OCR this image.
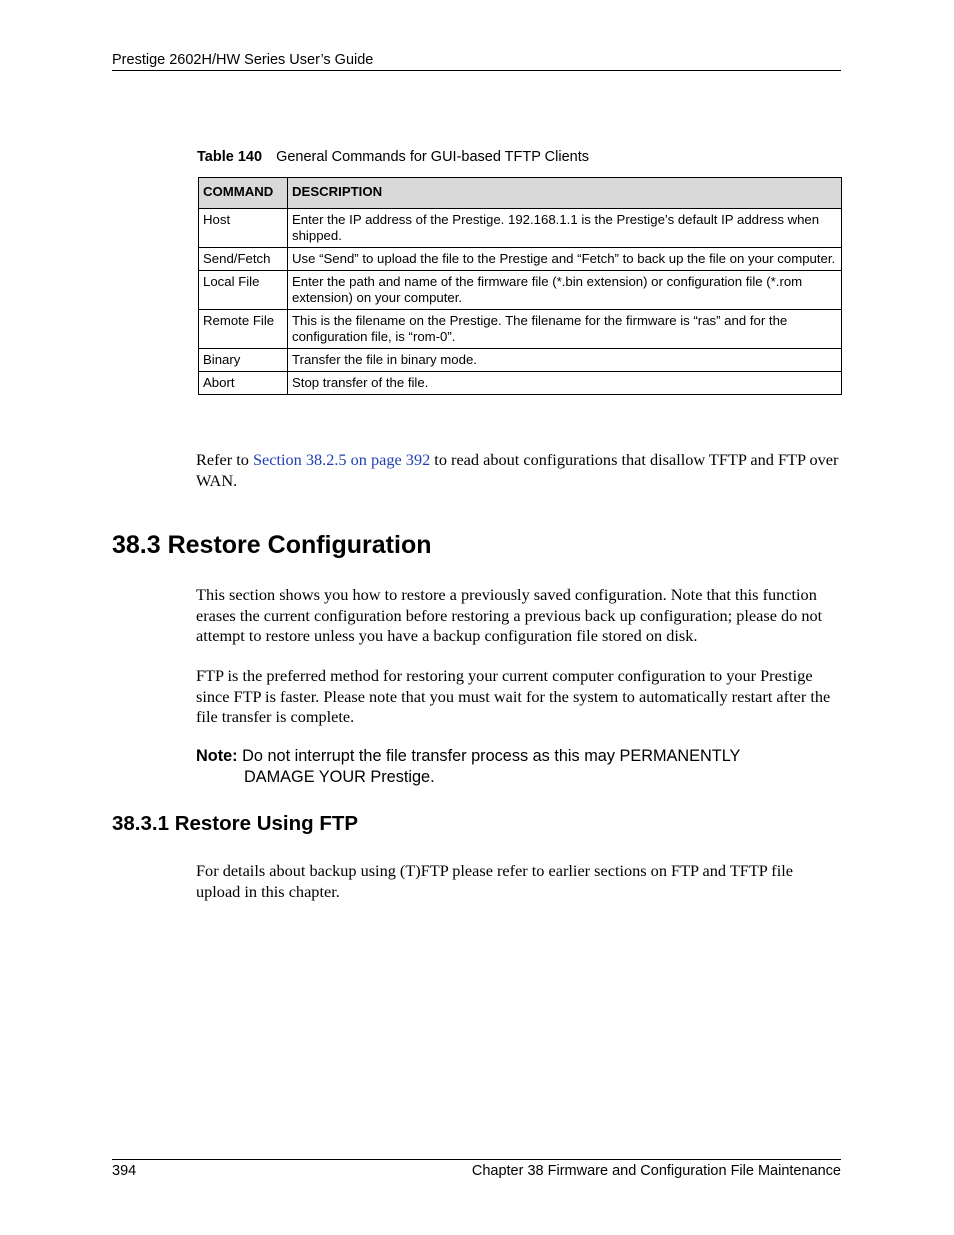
Prestige 2602H/HW Series User’s Guide
Table 140 General Commands for GUI-based TFTP Clients
COMMAND	DESCRIPTION
Host	Enter the IP address of the Prestige. 192.168.1.1 is the Prestige’s default IP address when shipped.
Send/Fetch	Use “Send” to upload the file to the Prestige and “Fetch” to back up the file on your computer.
Local File	Enter the path and name of the firmware file (*.bin extension) or configuration file (*.rom extension) on your computer.
Remote File	This is the filename on the Prestige. The filename for the firmware is “ras” and for the configuration file, is “rom-0”.
Binary	Transfer the file in binary mode.
Abort	Stop transfer of the file.

Refer to Section 38.2.5 on page 392 to read about configurations that disallow TFTP and FTP over WAN.

38.3 Restore Configuration

This section shows you how to restore a previously saved configuration. Note that this function erases the current configuration before restoring a previous back up configuration; please do not attempt to restore unless you have a backup configuration file stored on disk.

FTP is the preferred method for restoring your current computer configuration to your Prestige since FTP is faster. Please note that you must wait for the system to automatically restart after the file transfer is complete.

Note: Do not interrupt the file transfer process as this may PERMANENTLY
DAMAGE YOUR Prestige.
38.3.1 Restore Using FTP

For details about backup using (T)FTP please refer to earlier sections on FTP and TFTP file upload in this chapter.

394	Chapter 38 Firmware and Configuration File Maintenance
